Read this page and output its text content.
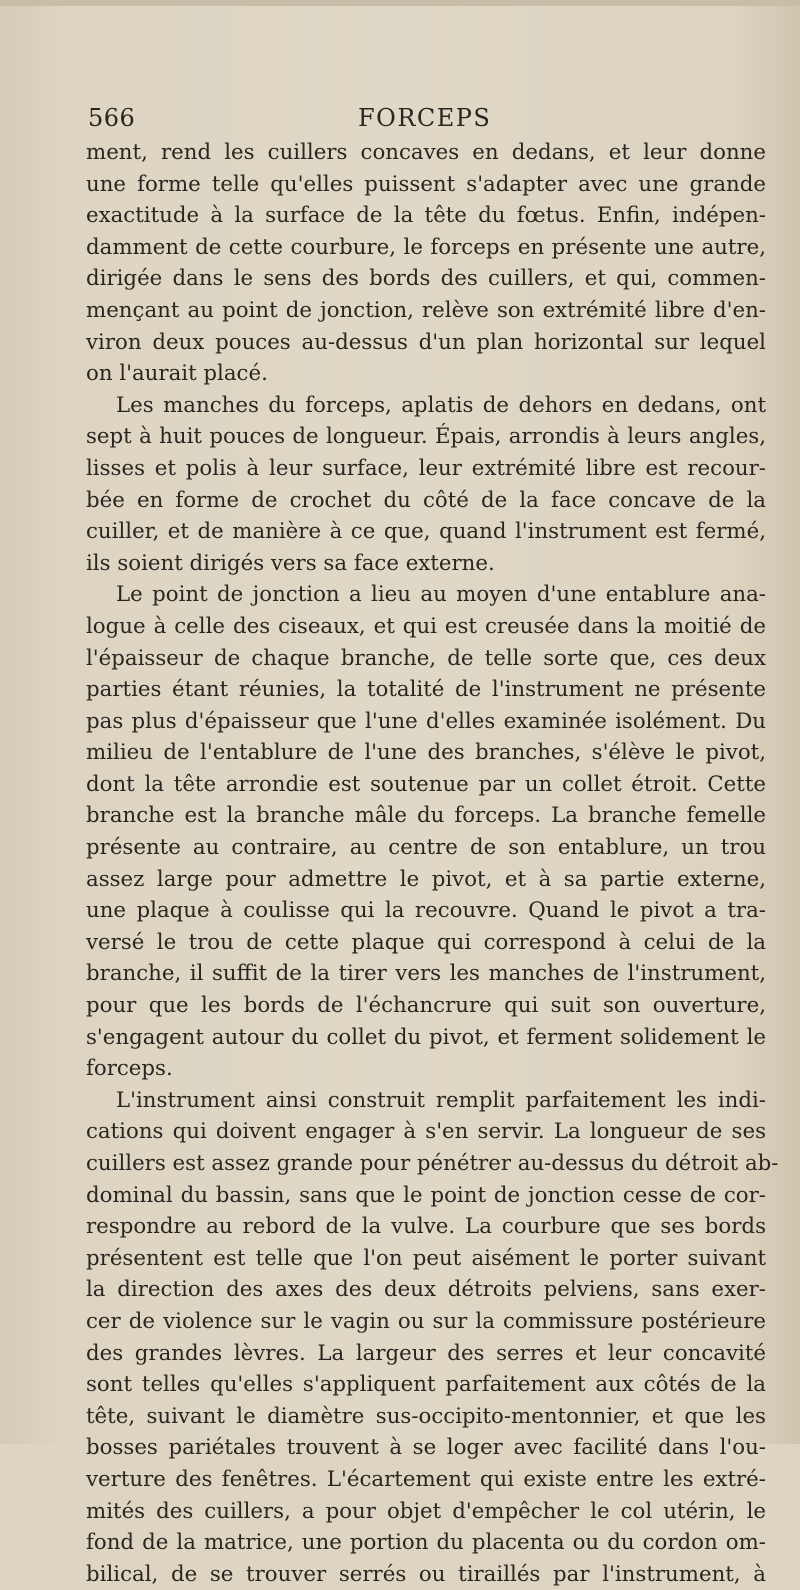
566	FORCEPS
ment, rend les cuillers concaves en dedans, et leur donne
une forme telle qu'elles puissent s'adapter avec une grande
exactitude à la surface de la tête du fœtus. Enfin, indépen-
damment de cette courbure, le forceps en présente une autre,
dirigée dans le sens des bords des cuillers, et qui, commen-
mençant au point de jonction, relève son extrémité libre d'en-
viron deux pouces au-dessus d'un plan horizontal sur lequel
on l'aurait placé.
Les manches du forceps, aplatis de dehors en dedans, ont
sept à huit pouces de longueur. Épais, arrondis à leurs angles,
lisses et polis à leur surface, leur extrémité libre est recour-
bée en forme de crochet du côté de la face concave de la
cuiller, et de manière à ce que, quand l'instrument est fermé,
ils soient dirigés vers sa face externe.
Le point de jonction a lieu au moyen d'une entablure ana-
logue à celle des ciseaux, et qui est creusée dans la moitié de
l'épaisseur de chaque branche, de telle sorte que, ces deux
parties étant réunies, la totalité de l'instrument ne présente
pas plus d'épaisseur que l'une d'elles examinée isolément. Du
milieu de l'entablure de l'une des branches, s'élève le pivot,
dont la tête arrondie est soutenue par un collet étroit. Cette
branche est la branche mâle du forceps. La branche femelle
présente au contraire, au centre de son entablure, un trou
assez large pour admettre le pivot, et à sa partie externe,
une plaque à coulisse qui la recouvre. Quand le pivot a tra-
versé le trou de cette plaque qui correspond à celui de la
branche, il suffit de la tirer vers les manches de l'instrument,
pour que les bords de l'échancrure qui suit son ouverture,
s'engagent autour du collet du pivot, et ferment solidement le
forceps.
L'instrument ainsi construit remplit parfaitement les indi-
cations qui doivent engager à s'en servir. La longueur de ses
cuillers est assez grande pour pénétrer au-dessus du détroit ab-
dominal du bassin, sans que le point de jonction cesse de cor-
respondre au rebord de la vulve. La courbure que ses bords
présentent est telle que l'on peut aisément le porter suivant
la direction des axes des deux détroits pelviens, sans exer-
cer de violence sur le vagin ou sur la commissure postérieure
des grandes lèvres. La largeur des serres et leur concavité
sont telles qu'elles s'appliquent parfaitement aux côtés de la
tête, suivant le diamètre sus-occipito-mentonnier, et que les
bosses pariétales trouvent à se loger avec facilité dans l'ou-
verture des fenêtres. L'écartement qui existe entre les extré-
mités des cuillers, a pour objet d'empêcher le col utérin, le
fond de la matrice, une portion du placenta ou du cordon om-
bilical, de se trouver serrés ou tiraillés par l'instrument, à
